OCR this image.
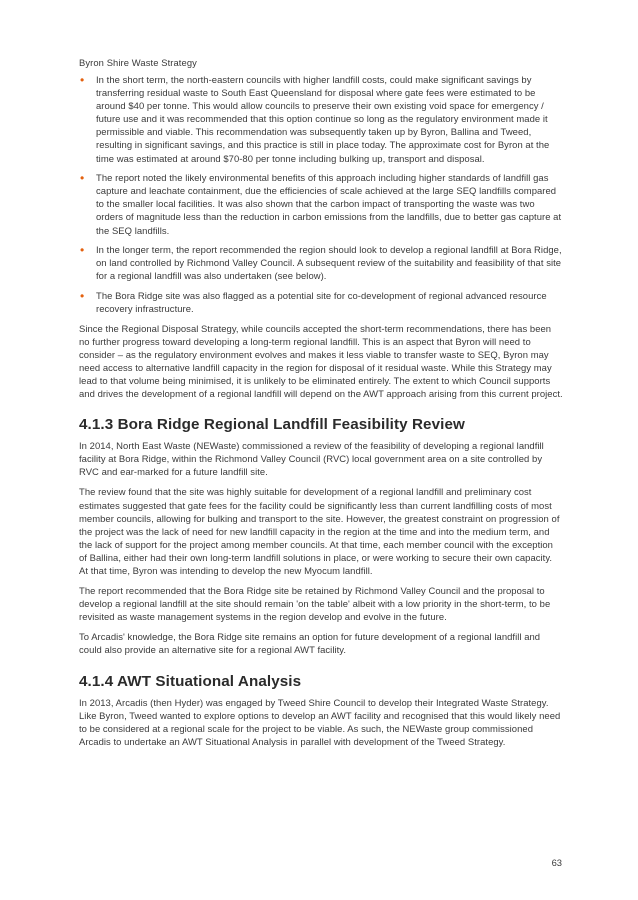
Byron Shire Waste Strategy
• In the short term, the north-eastern councils with higher landfill costs, could make significant savings by transferring residual waste to South East Queensland for disposal where gate fees were estimated to be around $40 per tonne. This would allow councils to preserve their own existing void space for emergency / future use and it was recommended that this option continue so long as the regulatory environment made it permissible and viable. This recommendation was subsequently taken up by Byron, Ballina and Tweed, resulting in significant savings, and this practice is still in place today. The approximate cost for Byron at the time was estimated at around $70-80 per tonne including bulking up, transport and disposal.
• The report noted the likely environmental benefits of this approach including higher standards of landfill gas capture and leachate containment, due the efficiencies of scale achieved at the large SEQ landfills compared to the smaller local facilities. It was also shown that the carbon impact of transporting the waste was two orders of magnitude less than the reduction in carbon emissions from the landfills, due to better gas capture at the SEQ landfills.
• In the longer term, the report recommended the region should look to develop a regional landfill at Bora Ridge, on land controlled by Richmond Valley Council. A subsequent review of the suitability and feasibility of that site for a regional landfill was also undertaken (see below).
• The Bora Ridge site was also flagged as a potential site for co-development of regional advanced resource recovery infrastructure.

Since the Regional Disposal Strategy, while councils accepted the short-term recommendations, there has been no further progress toward developing a long-term regional landfill. This is an aspect that Byron will need to consider – as the regulatory environment evolves and makes it less viable to transfer waste to SEQ, Byron may need access to alternative landfill capacity in the region for disposal of it residual waste. While this Strategy may lead to that volume being minimised, it is unlikely to be eliminated entirely. The extent to which Council supports and drives the development of a regional landfill will depend on the AWT approach arising from this current project.

4.1.3 Bora Ridge Regional Landfill Feasibility Review

In 2014, North East Waste (NEWaste) commissioned a review of the feasibility of developing a regional landfill facility at Bora Ridge, within the Richmond Valley Council (RVC) local government area on a site controlled by RVC and ear-marked for a future landfill site.

The review found that the site was highly suitable for development of a regional landfill and preliminary cost estimates suggested that gate fees for the facility could be significantly less than current landfilling costs of most member councils, allowing for bulking and transport to the site. However, the greatest constraint on progression of the project was the lack of need for new landfill capacity in the region at the time and into the medium term, and the lack of support for the project among member councils. At that time, each member council with the exception of Ballina, either had their own long-term landfill solutions in place, or were working to secure their own capacity. At that time, Byron was intending to develop the new Myocum landfill.

The report recommended that the Bora Ridge site be retained by Richmond Valley Council and the proposal to develop a regional landfill at the site should remain 'on the table' albeit with a low priority in the short-term, to be revisited as waste management systems in the region develop and evolve in the future.

To Arcadis' knowledge, the Bora Ridge site remains an option for future development of a regional landfill and could also provide an alternative site for a regional AWT facility.

4.1.4 AWT Situational Analysis

In 2013, Arcadis (then Hyder) was engaged by Tweed Shire Council to develop their Integrated Waste Strategy. Like Byron, Tweed wanted to explore options to develop an AWT facility and recognised that this would likely need to be considered at a regional scale for the project to be viable. As such, the NEWaste group commissioned Arcadis to undertake an AWT Situational Analysis in parallel with development of the Tweed Strategy.

63
